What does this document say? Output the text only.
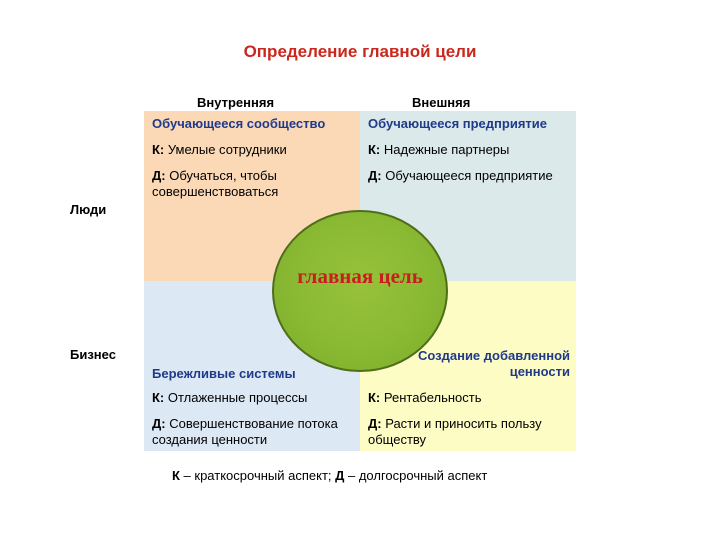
Определение главной цели
Внутренняя	Внешняя
Люди
Бизнес
Обучающееся сообщество
К: Умелые сотрудники
Д: Обучаться, чтобы совершенствоваться
Обучающееся предприятие
К: Надежные партнеры
Д: Обучающееся предприятие
Бережливые системы
К: Отлаженные процессы
Д: Совершенствование потока создания ценности
Создание добавленной ценности
К: Рентабельность
Д: Расти и приносить пользу обществу
главная цель
К – краткосрочный аспект; Д – долгосрочный аспект
